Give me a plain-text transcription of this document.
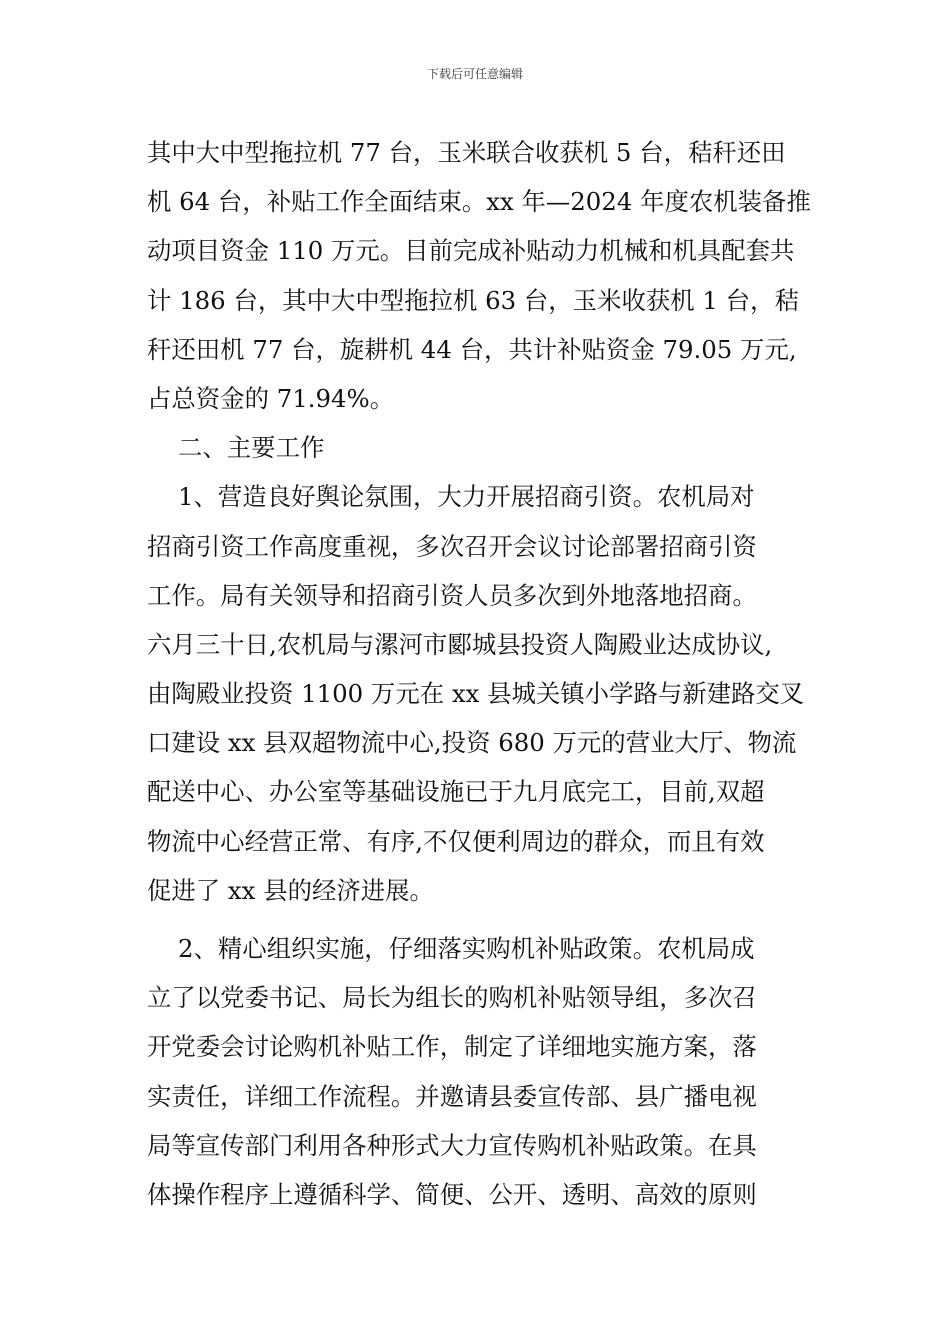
下载后可任意编辑
其中大中型拖拉机 77 台，玉米联合收获机 5 台，秸秆还田
机 64 台，补贴工作全面结束。xx 年—2024 年度农机装备推
动项目资金 110 万元。目前完成补贴动力机械和机具配套共
计 186 台，其中大中型拖拉机 63 台，玉米收获机 1 台，秸
秆还田机 77 台，旋耕机 44 台，共计补贴资金 79.05 万元,
占总资金的 71.94%。
二、主要工作
1、营造良好舆论氛围，大力开展招商引资。农机局对
招商引资工作高度重视，多次召开会议讨论部署招商引资
工作。局有关领导和招商引资人员多次到外地落地招商。
六月三十日,农机局与漯河市郾城县投资人陶殿业达成协议,
由陶殿业投资 1100 万元在 xx 县城关镇小学路与新建路交叉
口建设 xx 县双超物流中心,投资 680 万元的营业大厅、物流
配送中心、办公室等基础设施已于九月底完工，目前,双超
物流中心经营正常、有序,不仅便利周边的群众，而且有效
促进了 xx 县的经济进展。
2、精心组织实施，仔细落实购机补贴政策。农机局成
立了以党委书记、局长为组长的购机补贴领导组，多次召
开党委会讨论购机补贴工作，制定了详细地实施方案，落
实责任，详细工作流程。并邀请县委宣传部、县广播电视
局等宣传部门利用各种形式大力宣传购机补贴政策。在具
体操作程序上遵循科学、简便、公开、透明、高效的原则
